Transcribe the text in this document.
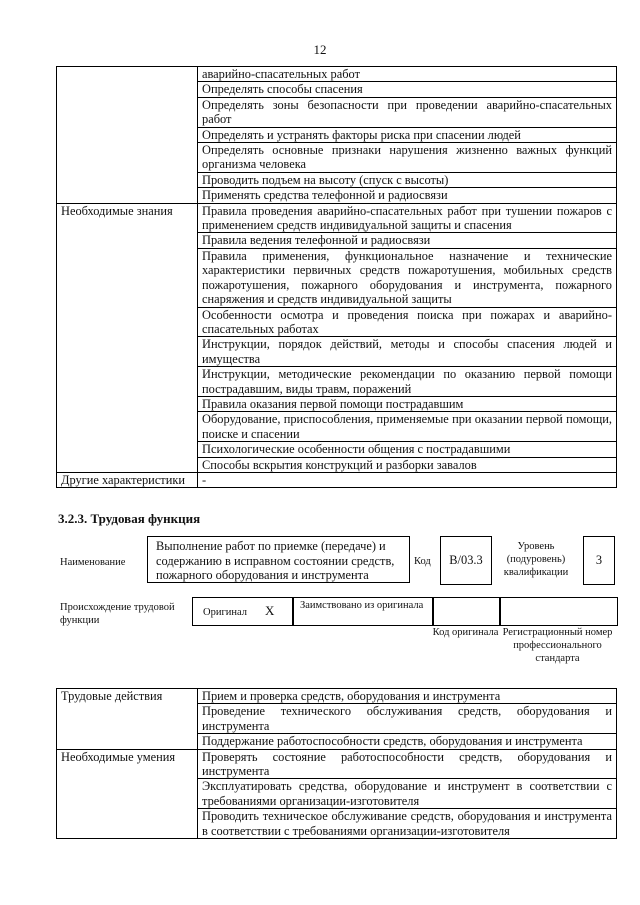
12
	аварийно-спасательных работ
	Определять способы спасения
	Определять зоны безопасности при проведении аварийно-спасательных работ
	Определять и устранять факторы риска при спасении людей
	Определять основные признаки нарушения жизненно важных функций организма человека
	Проводить подъем на высоту (спуск с высоты)
	Применять средства телефонной и радиосвязи
Необходимые знания	Правила проведения аварийно-спасательных работ при тушении пожаров с применением средств индивидуальной защиты и спасения
	Правила ведения телефонной и радиосвязи
	Правила применения, функциональное назначение и технические характеристики первичных средств пожаротушения, мобильных средств пожаротушения, пожарного оборудования и инструмента, пожарного снаряжения и средств индивидуальной защиты
	Особенности осмотра и проведения поиска при пожарах и аварийно-спасательных работах
	Инструкции, порядок действий, методы и способы спасения людей и имущества
	Инструкции, методические рекомендации по оказанию первой помощи пострадавшим, виды травм, поражений
	Правила оказания первой помощи пострадавшим
	Оборудование, приспособления, применяемые при оказании первой помощи, поиске и спасении
	Психологические особенности общения с пострадавшими
	Способы вскрытия конструкций и разборки завалов
Другие характеристики	-
3.2.3. Трудовая функция
Наименование
Выполнение работ по приемке (передаче) и содержанию в исправном состоянии средств, пожарного оборудования и инструмента
Код	В/03.3
Уровень (подуровень) квалификации
3
Происхождение трудовой функции
Оригинал X Заимствовано из оригинала
Код оригинала Регистрационный номер профессионального стандарта
Трудовые действия	Прием и проверка средств, оборудования и инструмента
	Проведение технического обслуживания средств, оборудования и инструмента
	Поддержание работоспособности средств, оборудования и инструмента
Необходимые умения	Проверять состояние работоспособности средств, оборудования и инструмента
	Эксплуатировать средства, оборудование и инструмент в соответствии с требованиями организации-изготовителя
	Проводить техническое обслуживание средств, оборудования и инструмента в соответствии с требованиями организации-изготовителя
